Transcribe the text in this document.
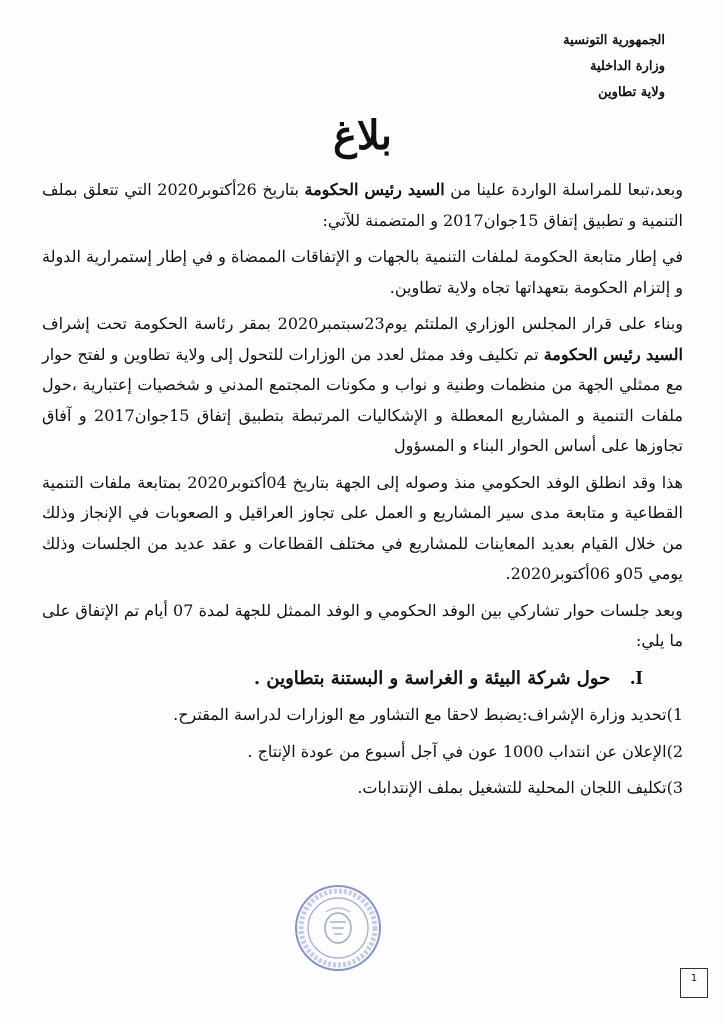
الجمهورية التونسية
وزارة الداخلية
ولاية تطاوين
بلاغ

وبعد،تبعا للمراسلة الواردة علينا من السيد رئيس الحكومة بتاريخ 26أكتوبر2020 التي تتعلق بملف التنمية و تطبيق إتفاق 15جوان2017 و المتضمنة للآتي:

في إطار متابعة الحكومة لملفات التنمية بالجهات و الإتفاقات الممضاة و في إطار إستمرارية الدولة و إلتزام الحكومة بتعهداتها تجاه ولاية تطاوين.

وبناء على قرار المجلس الوزاري الملتئم يوم23سبتمبر2020 بمقر رئاسة الحكومة تحت إشراف السيد رئيس الحكومة تم تكليف وفد ممثل لعدد من الوزارات للتحول إلى ولاية تطاوين و لفتح حوار مع ممثلي الجهة من منظمات وطنية و نواب و مكونات المجتمع المدني و شخصيات إعتبارية ،حول ملفات التنمية و المشاريع المعطلة و الإشكاليات المرتبطة بتطبيق إتفاق 15جوان2017 و آفاق تجاوزها على أساس الحوار البناء و المسؤول

هذا وقد انطلق الوفد الحكومي منذ وصوله إلى الجهة بتاريخ 04أكتوبر2020 بمتابعة ملفات التنمية القطاعية و متابعة مدى سير المشاريع و العمل على تجاوز العراقيل و الصعوبات في الإنجاز وذلك من خلال القيام بعديد المعاينات للمشاريع في مختلف القطاعات و عقد عديد من الجلسات وذلك يومي 05و 06أكتوبر2020.

وبعد جلسات حوار تشاركي بين الوفد الحكومي و الوفد الممثل للجهة لمدة 07 أيام تم الإتفاق على ما يلي:

I.حول شركة البيئة و الغراسة و البستنة بتطاوين .

1)تحديد وزارة الإشراف:يضبط لاحقا مع التشاور مع الوزارات لدراسة المقترح.

2)الإعلان عن انتداب 1000 عون في آجل أسبوع من عودة الإنتاج .

3)تكليف اللجان المحلية للتشغيل بملف الإنتدابات.

1
